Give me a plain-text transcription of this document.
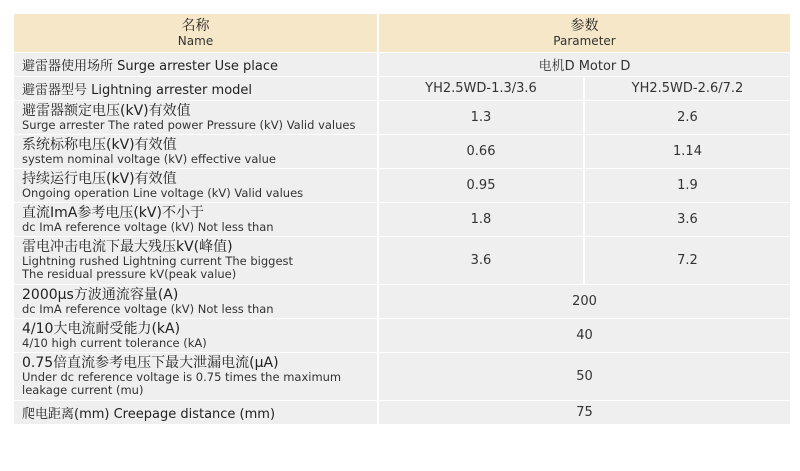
名称
Name	参数
Parameter	

避雷器使用场所 Surge arrester Use place	电机D Motor D	
避雷器型号 Lightning arrester model	YH2.5WD-1.3/3.6	YH2.5WD-2.6/7.2

避雷器额定电压(kV)有效值
Surge arrester The rated power Pressure (kV) Valid values	1.3	2.6

系统标称电压(kV)有效值
system nominal voltage (kV) effective value	0.66	1.14

持续运行电压(kV)有效值
Ongoing operation Line voltage (kV) Valid values	0.95	1.9

直流ImA参考电压(kV)不小于
dc ImA reference voltage (kV) Not less than	1.8	3.6

雷电冲击电流下最大残压kV(峰值)
Lightning rushed Lightning current The biggest
The residual pressure kV(peak value)	3.6	7.2

2000μs方波通流容量(A)
dc ImA reference voltage (kV) Not less than	200	

4/10大电流耐受能力(kA)
4/10 high current tolerance (kA)	40	

0.75倍直流参考电压下最大泄漏电流(μA)
Under dc reference voltage is 0.75 times the maximum
leakage current (mu)	50	
爬电距离(mm) Creepage distance (mm)	75	
